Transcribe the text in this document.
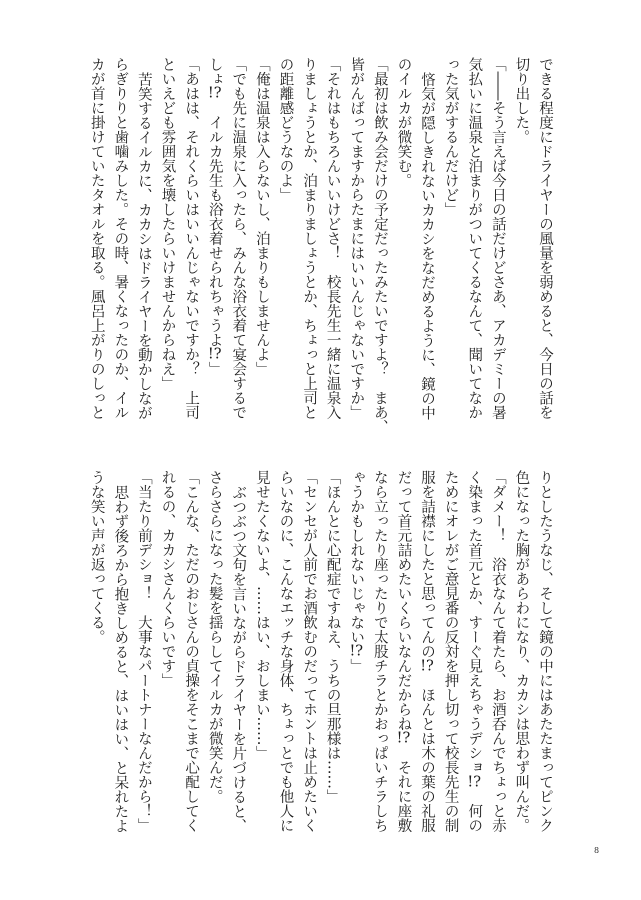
できる程度にドライヤーの風量を弱めると、今日の話を
切り出した。
「――そう言えば今日の話だけどさあ、アカデミーの暑
気払いに温泉と泊まりがついてくるなんて、聞いてなか
った気がするんだけど」
悋気が隠しきれないカカシをなだめるように、鏡の中
のイルカが微笑む。
「最初は飲み会だけの予定だったみたいですよ？　まあ、
皆がんばってますからたまにはいいんじゃないですか」
「それはもちろんいいけどさ！　校長先生一緒に温泉入
りましょうとか、泊まりましょうとか、ちょっと上司と
の距離感どうなのよ」
「俺は温泉は入らないし、泊まりもしませんよ」
「でも先に温泉に入ったら、みんな浴衣着て宴会するで
しょ!?　イルカ先生も浴衣着せられちゃうよ!?」
「あはは、それくらいはいいんじゃないですか？　上司
といえども雰囲気を壊したらいけませんからねえ」
苦笑するイルカに、カカシはドライヤーを動かしなが
らぎりりと歯噛みした。その時、暑くなったのか、イル
カが首に掛けていたタオルを取る。風呂上がりのしっと
りとしたうなじ、そして鏡の中にはあたたまってピンク
色になった胸があらわになり、カカシは思わず叫んだ。
「ダメー！　浴衣なんて着たら、お酒呑んでちょっと赤
く染まった首元とか、すーぐ見えちゃうデショ!?　何の
ためにオレがご意見番の反対を押し切って校長先生の制
服を詰襟にしたと思ってんの!?　ほんとは木の葉の礼服
だって首元詰めたいくらいなんだからね!?　それに座敷
なら立ったり座ったりで太股チラとかおっぱいチラしち
ゃうかもしれないじゃない!?」
「ほんとに心配症ですねえ、うちの旦那様は……」
「センセが人前でお酒飲むのだってホントは止めたいく
らいなのに、こんなエッチな身体、ちょっとでも他人に
見せたくないよ、……はい、おしまい……」
ぶつぶつ文句を言いながらドライヤーを片づけると、
さらさらになった髪を揺らしてイルカが微笑んだ。
「こんな、ただのおじさんの貞操をそこまで心配してく
れるの、カカシさんくらいです」
「当たり前デショ！　大事なパートナーなんだから！」
思わず後ろから抱きしめると、はいはい、と呆れたよ
うな笑い声が返ってくる。
8
